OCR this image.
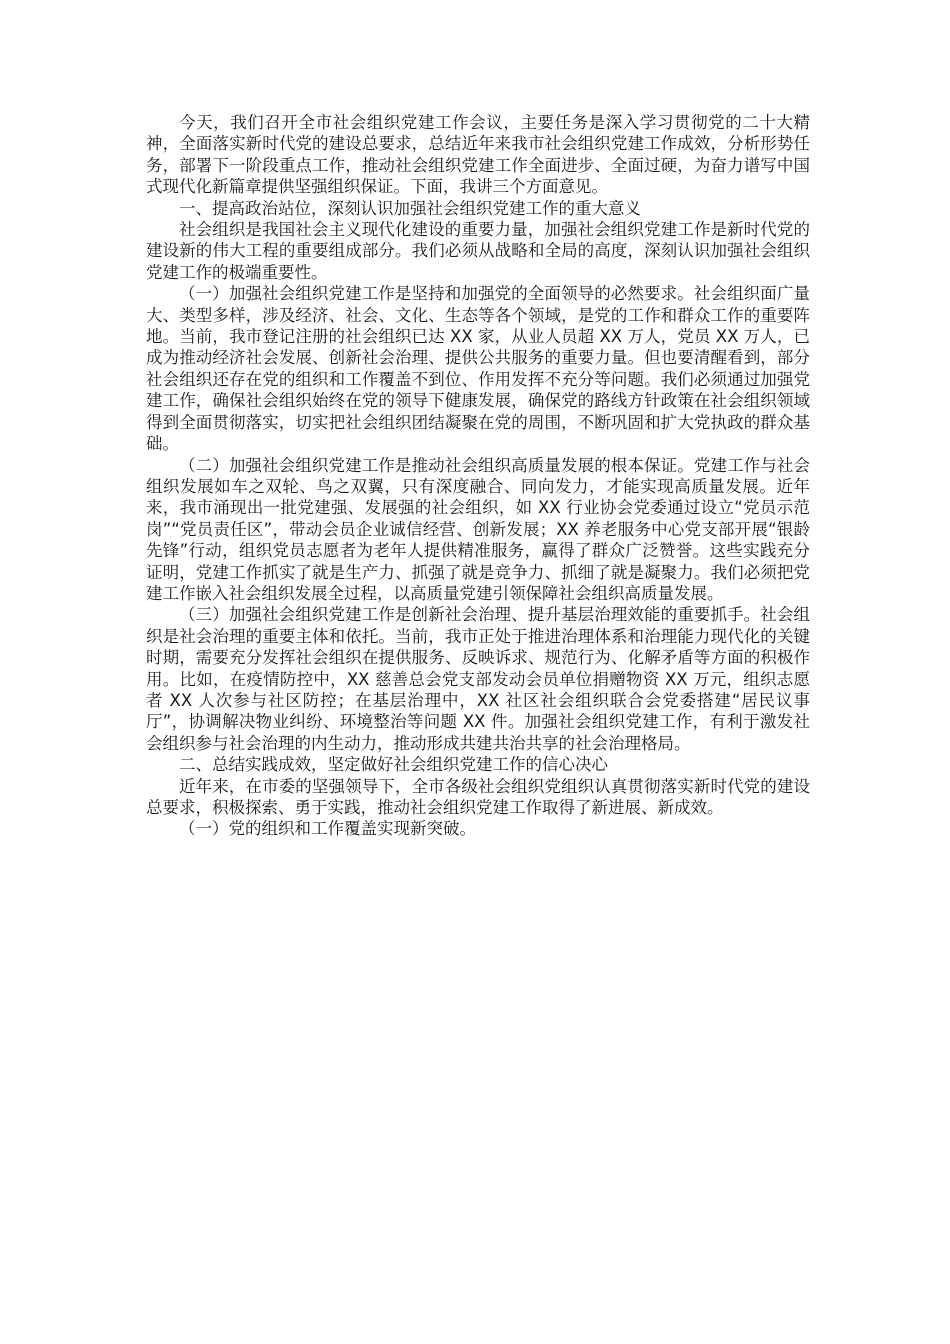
今天，我们召开全市社会组织党建工作会议，主要任务是深入学习贯彻党的二十大精神，全面落实新时代党的建设总要求，总结近年来我市社会组织党建工作成效，分析形势任务，部署下一阶段重点工作，推动社会组织党建工作全面进步、全面过硬，为奋力谱写中国式现代化新篇章提供坚强组织保证。下面，我讲三个方面意见。

一、提高政治站位，深刻认识加强社会组织党建工作的重大意义

社会组织是我国社会主义现代化建设的重要力量，加强社会组织党建工作是新时代党的建设新的伟大工程的重要组成部分。我们必须从战略和全局的高度，深刻认识加强社会组织党建工作的极端重要性。

（一）加强社会组织党建工作是坚持和加强党的全面领导的必然要求。社会组织面广量大、类型多样，涉及经济、社会、文化、生态等各个领域，是党的工作和群众工作的重要阵地。当前，我市登记注册的社会组织已达 XX 家，从业人员超 XX 万人，党员 XX 万人，已成为推动经济社会发展、创新社会治理、提供公共服务的重要力量。但也要清醒看到，部分社会组织还存在党的组织和工作覆盖不到位、作用发挥不充分等问题。我们必须通过加强党建工作，确保社会组织始终在党的领导下健康发展，确保党的路线方针政策在社会组织领域得到全面贯彻落实，切实把社会组织团结凝聚在党的周围，不断巩固和扩大党执政的群众基础。

（二）加强社会组织党建工作是推动社会组织高质量发展的根本保证。党建工作与社会组织发展如车之双轮、鸟之双翼，只有深度融合、同向发力，才能实现高质量发展。近年来，我市涌现出一批党建强、发展强的社会组织，如 XX 行业协会党委通过设立“党员示范岗”“党员责任区”，带动会员企业诚信经营、创新发展；XX 养老服务中心党支部开展“银龄先锋”行动，组织党员志愿者为老年人提供精准服务，赢得了群众广泛赞誉。这些实践充分证明，党建工作抓实了就是生产力、抓强了就是竞争力、抓细了就是凝聚力。我们必须把党建工作嵌入社会组织发展全过程，以高质量党建引领保障社会组织高质量发展。

（三）加强社会组织党建工作是创新社会治理、提升基层治理效能的重要抓手。社会组织是社会治理的重要主体和依托。当前，我市正处于推进治理体系和治理能力现代化的关键时期，需要充分发挥社会组织在提供服务、反映诉求、规范行为、化解矛盾等方面的积极作用。比如，在疫情防控中，XX 慈善总会党支部发动会员单位捐赠物资 XX 万元，组织志愿者 XX 人次参与社区防控；在基层治理中，XX 社区社会组织联合会党委搭建“居民议事厅”，协调解决物业纠纷、环境整治等问题 XX 件。加强社会组织党建工作，有利于激发社会组织参与社会治理的内生动力，推动形成共建共治共享的社会治理格局。

二、总结实践成效，坚定做好社会组织党建工作的信心决心

近年来，在市委的坚强领导下，全市各级社会组织党组织认真贯彻落实新时代党的建设总要求，积极探索、勇于实践，推动社会组织党建工作取得了新进展、新成效。

（一）党的组织和工作覆盖实现新突破。
